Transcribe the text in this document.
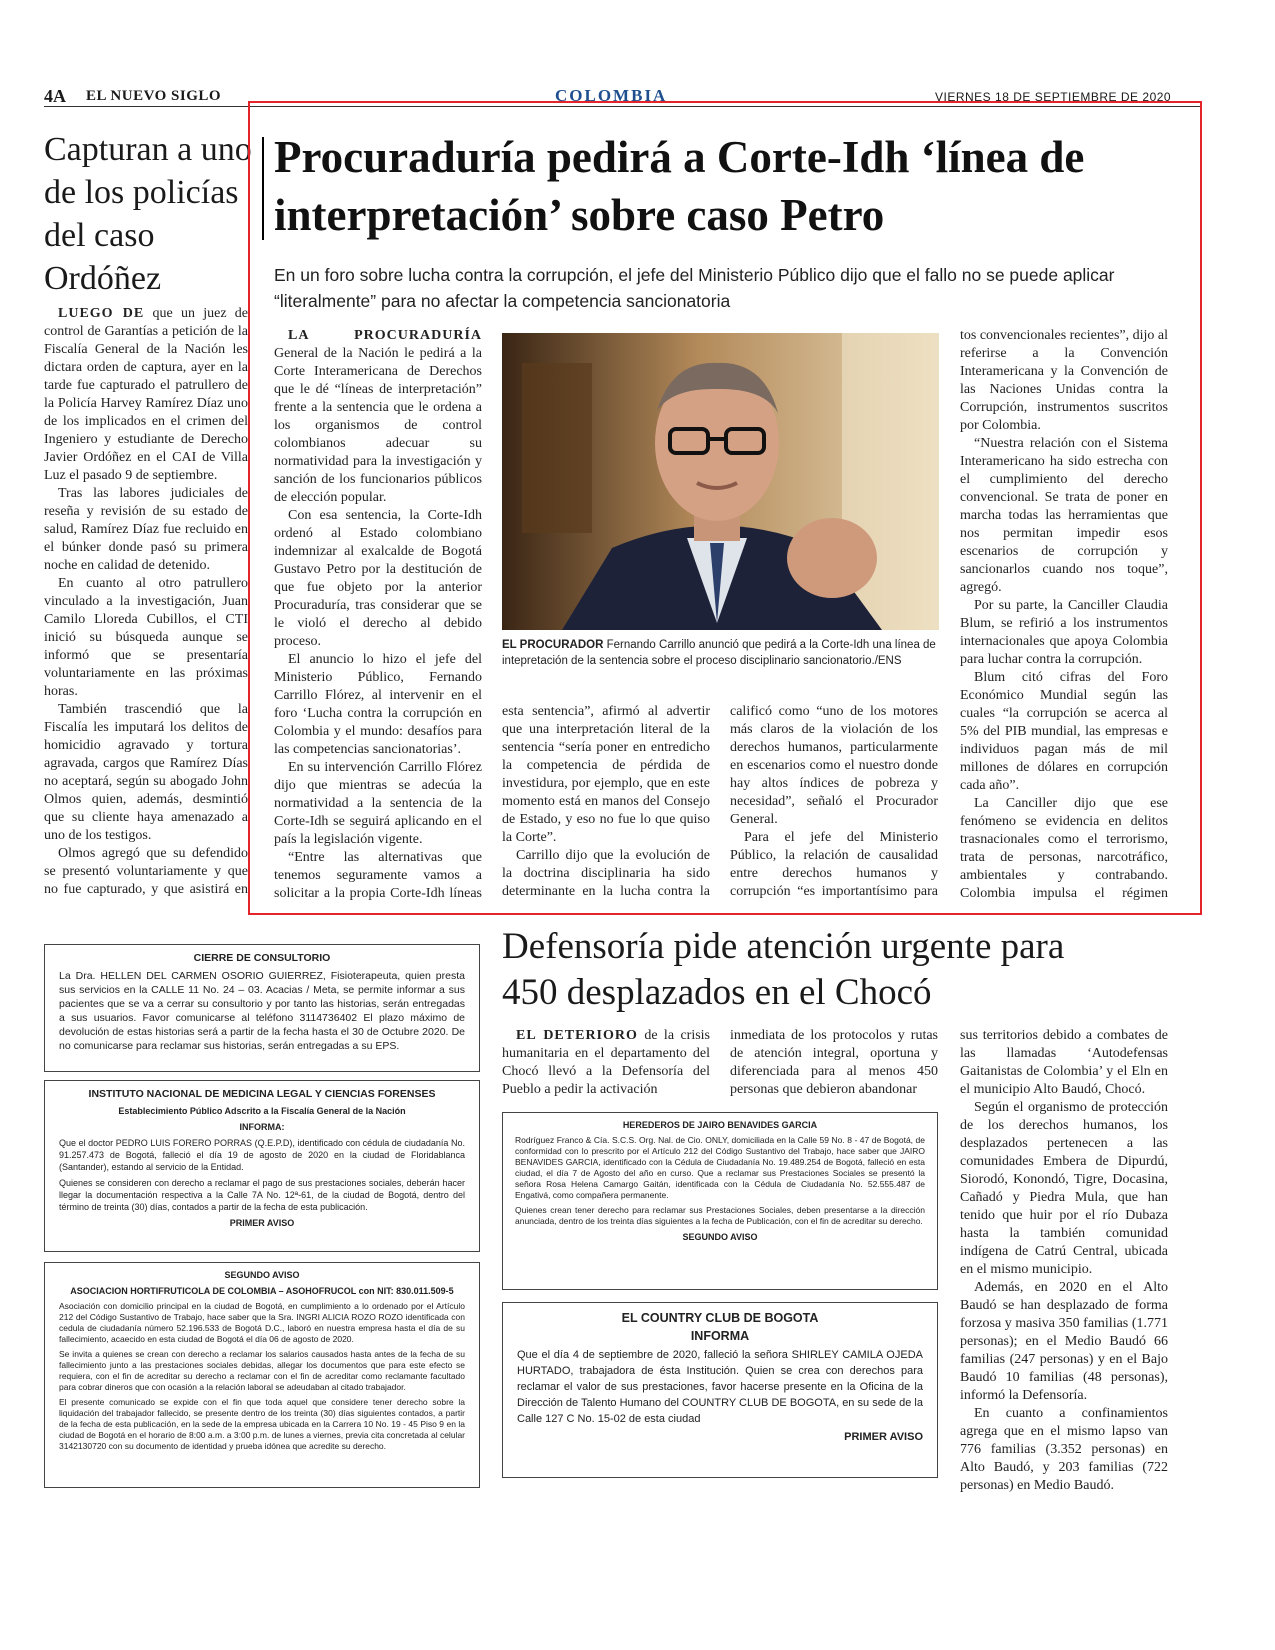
4A EL NUEVO SIGLO	COLOMBIA	VIERNES 18 DE SEPTIEMBRE DE 2020
Capturan a uno de los policías del caso Ordóñez

LUEGO DE que un juez de control de Garantías a petición de la Fiscalía General de la Nación les dictara orden de captura, ayer en la tarde fue capturado el patrullero de la Policía Harvey Ramírez Díaz uno de los implicados en el crimen del Ingeniero y estudiante de Derecho Javier Ordóñez en el CAI de Villa Luz el pasado 9 de septiembre.

Tras las labores judiciales de reseña y revisión de su estado de salud, Ramírez Díaz fue recluido en el búnker donde pasó su primera noche en calidad de detenido.

En cuanto al otro patrullero vinculado a la investigación, Juan Camilo Lloreda Cubillos, el CTI inició su búsqueda aunque se informó que se presentaría voluntariamente en las próximas horas.

También trascendió que la Fiscalía les imputará los delitos de homicidio agravado y tortura agravada, cargos que Ramírez Días no aceptará, según su abogado John Olmos quien, además, desmintió que su cliente haya amenazado a uno de los testigos.

Olmos agregó que su defendido se presentó voluntariamente y que no fue capturado, y que asistirá en

Procuraduría pedirá a Corte-Idh ‘línea de interpretación’ sobre caso Petro
En un foro sobre lucha contra la corrupción, el jefe del Ministerio Público dijo que el fallo no se puede aplicar “literalmente” para no afectar la competencia sancionatoria

LA PROCURADURÍA General de la Nación le pedirá a la Corte Interamericana de Derechos que le dé “líneas de interpretación” frente a la sentencia que le ordena a los organismos de control colombianos adecuar su normatividad para la investigación y sanción de los funcionarios públicos de elección popular.

Con esa sentencia, la Corte-Idh ordenó al Estado colombiano indemnizar al exalcalde de Bogotá Gustavo Petro por la destitución de que fue objeto por la anterior Procuraduría, tras considerar que se le violó el derecho al debido proceso.

El anuncio lo hizo el jefe del Ministerio Público, Fernando Carrillo Flórez, al intervenir en el foro ‘Lucha contra la corrupción en Colombia y el mundo: desafíos para las competencias sancionatorias’.

En su intervención Carrillo Flórez dijo que mientras se adecúa la normatividad a la sentencia de la Corte-Idh se seguirá aplicando en el país la legislación vigente.

“Entre las alternativas que tenemos seguramente vamos a solicitar a la propia Corte-Idh líneas

EL PROCURADOR Fernando Carrillo anunció que pedirá a la Corte-Idh una línea de intepretación de la sentencia sobre el proceso disciplinario sancionatorio./ENS

esta sentencia”, afirmó al advertir que una interpretación literal de la sentencia “sería poner en entredicho la competencia de pérdida de investidura, por ejemplo, que en este momento está en manos del Consejo de Estado, y eso no fue lo que quiso la Corte”.

Carrillo dijo que la evolución de la doctrina disciplinaria ha sido determinante en la lucha contra la

calificó como “uno de los motores más claros de la violación de los derechos humanos, particularmente en escenarios como el nuestro donde hay altos índices de pobreza y necesidad”, señaló el Procurador General.

Para el jefe del Ministerio Público, la relación de causalidad entre derechos humanos y corrupción “es importantísimo para

tos convencionales recientes”, dijo al referirse a la Convención Interamericana y la Convención de las Naciones Unidas contra la Corrupción, instrumentos suscritos por Colombia.

“Nuestra relación con el Sistema Interamericano ha sido estrecha con el cumplimiento del derecho convencional. Se trata de poner en marcha todas las herramientas que nos permitan impedir esos escenarios de corrupción y sancionarlos cuando nos toque”, agregó.

Por su parte, la Canciller Claudia Blum, se refirió a los instrumentos internacionales que apoya Colombia para luchar contra la corrupción.

Blum citó cifras del Foro Económico Mundial según las cuales “la corrupción se acerca al 5% del PIB mundial, las empresas e individuos pagan más de mil millones de dólares en corrupción cada año”.

La Canciller dijo que ese fenómeno se evidencia en delitos trasnacionales como el terrorismo, trata de personas, narcotráfico, ambientales y contrabando. Colombia impulsa el régimen

Defensoría pide atención urgente para 450 desplazados en el Chocó

EL DETERIORO de la crisis humanitaria en el departamento del Chocó llevó a la Defensoría del Pueblo a pedir la activación

inmediata de los protocolos y rutas de atención integral, oportuna y diferenciada para al menos 450 personas que debieron abandonar

sus territorios debido a combates de las llamadas ‘Autodefensas Gaitanistas de Colombia’ y el Eln en el municipio Alto Baudó, Chocó.

Según el organismo de protección de los derechos humanos, los desplazados pertenecen a las comunidades Embera de Dipurdú, Siorodó, Konondó, Tigre, Docasina, Cañadó y Piedra Mula, que han tenido que huir por el río Dubaza hasta la también comunidad indígena de Catrú Central, ubicada en el mismo municipio.

Además, en 2020 en el Alto Baudó se han desplazado de forma forzosa y masiva 350 familias (1.771 personas); en el Medio Baudó 66 familias (247 personas) y en el Bajo Baudó 10 familias (48 personas), informó la Defensoría.

En cuanto a confinamientos agrega que en el mismo lapso van 776 familias (3.352 personas) en Alto Baudó, y 203 familias (722 personas) en Medio Baudó.

CIERRE DE CONSULTORIO

La Dra. HELLEN DEL CARMEN OSORIO GUIERREZ, Fisioterapeuta, quien presta sus servicios en la CALLE 11 No. 24 – 03. Acacias / Meta, se permite informar a sus pacientes que se va a cerrar su consultorio y por tanto las historias, serán entregadas a sus usuarios. Favor comunicarse al teléfono 3114736402 El plazo máximo de devolución de estas historias será a partir de la fecha hasta el 30 de Octubre 2020. De no comunicarse para reclamar sus historias, serán entregadas a su EPS.

INSTITUTO NACIONAL DE MEDICINA LEGAL Y CIENCIAS FORENSES

Establecimiento Público Adscrito a la Fiscalía General de la Nación

INFORMA:

Que el doctor PEDRO LUIS FORERO PORRAS (Q.E.P.D), identificado con cédula de ciudadanía No. 91.257.473 de Bogotá, falleció el día 19 de agosto de 2020 en la ciudad de Floridablanca (Santander), estando al servicio de la Entidad.

Quienes se consideren con derecho a reclamar el pago de sus prestaciones sociales, deberán hacer llegar la documentación respectiva a la Calle 7A No. 12ª-61, de la ciudad de Bogotá, dentro del término de treinta (30) días, contados a partir de la fecha de esta publicación.

PRIMER AVISO

SEGUNDO AVISO

ASOCIACION HORTIFRUTICOLA DE COLOMBIA – ASOHOFRUCOL con NIT: 830.011.509-5

Asociación con domicilio principal en la ciudad de Bogotá, en cumplimiento a lo ordenado por el Artículo 212 del Código Sustantivo de Trabajo, hace saber que la Sra. INGRI ALICIA ROZO ROZO identificada con cedula de ciudadanía número 52.196.533 de Bogotá D.C., laboró en nuestra empresa hasta el día de su fallecimiento, acaecido en esta ciudad de Bogotá el día 06 de agosto de 2020.

Se invita a quienes se crean con derecho a reclamar los salarios causados hasta antes de la fecha de su fallecimiento junto a las prestaciones sociales debidas, allegar los documentos que para este efecto se requiera, con el fin de acreditar su derecho a reclamar con el fin de acreditar como reclamante facultado para cobrar dineros que con ocasión a la relación laboral se adeudaban al citado trabajador.

El presente comunicado se expide con el fin que toda aquel que considere tener derecho sobre la liquidación del trabajador fallecido, se presente dentro de los treinta (30) días siguientes contados, a partir de la fecha de esta publicación, en la sede de la empresa ubicada en la Carrera 10 No. 19 - 45 Piso 9 en la ciudad de Bogotá en el horario de 8:00 a.m. a 3:00 p.m. de lunes a viernes, previa cita concretada al celular 3142130720 con su documento de identidad y prueba idónea que acredite su derecho.

HEREDEROS DE JAIRO BENAVIDES GARCIA

Rodríguez Franco & Cía. S.C.S. Org. Nal. de Cio. ONLY, domiciliada en la Calle 59 No. 8 - 47 de Bogotá, de conformidad con lo prescrito por el Artículo 212 del Código Sustantivo del Trabajo, hace saber que JAIRO BENAVIDES GARCIA, identificado con la Cédula de Ciudadanía No. 19.489.254 de Bogotá, falleció en esta ciudad, el día 7 de Agosto del año en curso. Que a reclamar sus Prestaciones Sociales se presentó la señora Rosa Helena Camargo Gaitán, identificada con la Cédula de Ciudadanía No. 52.555.487 de Engativá, como compañera permanente.

Quienes crean tener derecho para reclamar sus Prestaciones Sociales, deben presentarse a la dirección anunciada, dentro de los treinta días siguientes a la fecha de Publicación, con el fin de acreditar su derecho.

SEGUNDO AVISO

EL COUNTRY CLUB DE BOGOTA

INFORMA

Que el día 4 de septiembre de 2020, falleció la señora SHIRLEY CAMILA OJEDA HURTADO, trabajadora de ésta Institución. Quien se crea con derechos para reclamar el valor de sus prestaciones, favor hacerse presente en la Oficina de la Dirección de Talento Humano del COUNTRY CLUB DE BOGOTA, en su sede de la Calle 127 C No. 15-02 de esta ciudad

PRIMER AVISO
